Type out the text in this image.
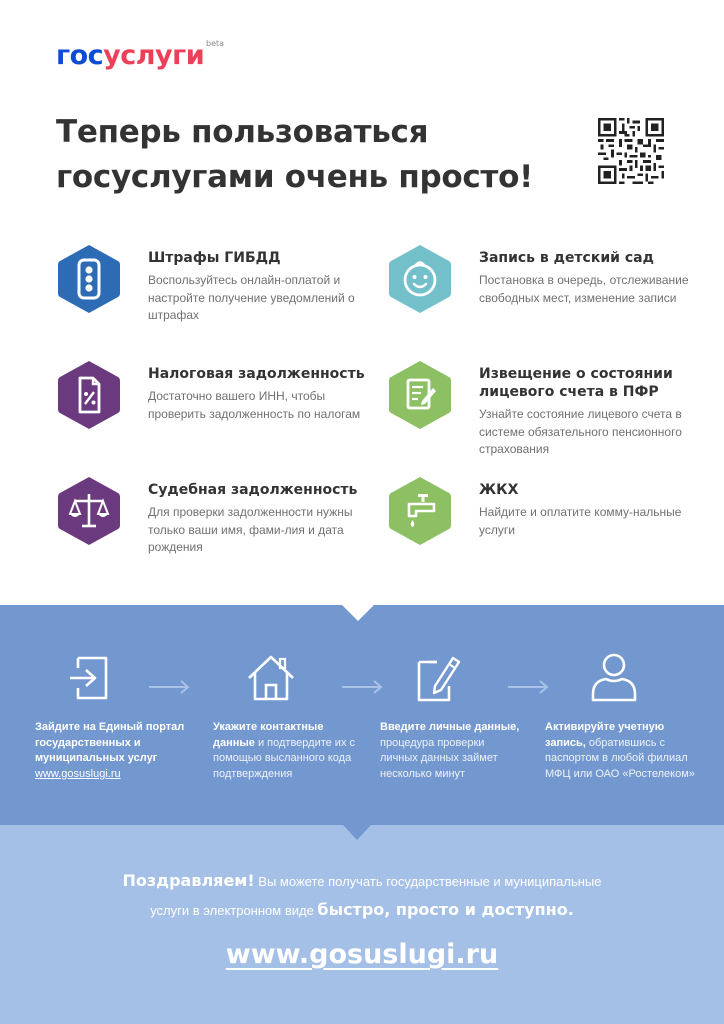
госуслуги beta
Теперь пользоваться
госуслугами очень просто!
Штрафы ГИБДД
Воспользуйтесь онлайн-оплатой и настройте получение уведомлений о штрафах
Запись в детский сад
Постановка в очередь, отслеживание свободных мест, изменение записи
Налоговая задолженность
Достаточно вашего ИНН, чтобы проверить задолженность по налогам
Извещение о состоянии лицевого счета в ПФР
Узнайте состояние лицевого счета в системе обязательного пенсионного страхования
Судебная задолженность
Для проверки задолженности нужны только ваши имя, фами-лия и дата рождения
ЖКХ
Найдите и оплатите комму-нальные услуги
Зайдите на Единый портал государственных и муниципальных услуг www.gosuslugi.ru
Укажите контактные данные и подтвердите их с помощью высланного кода подтверждения
Введите личные данные, процедура проверки личных данных займет несколько минут
Активируйте учетную запись, обратившись с паспортом в любой филиал МФЦ или ОАО «Ростелеком»
Поздравляем! Вы можете получать государственные и муниципальные
услуги в электронном виде быстро, просто и доступно.
www.gosuslugi.ru
